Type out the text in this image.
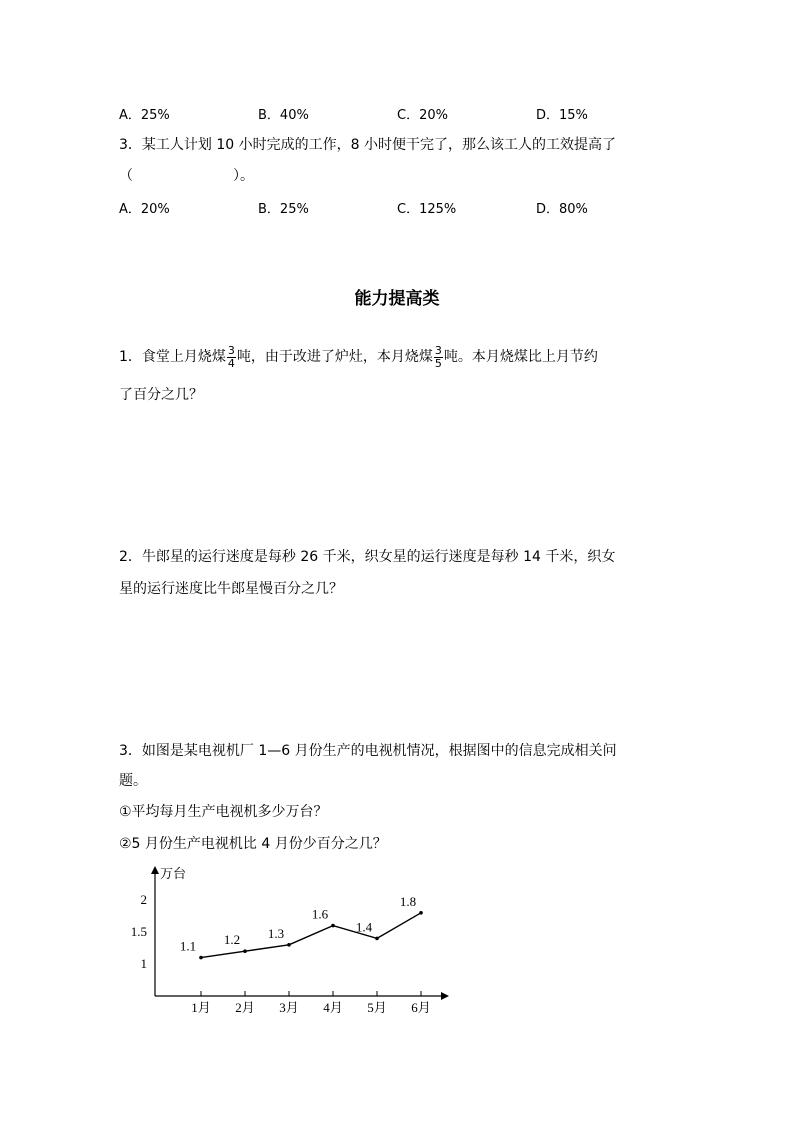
A．25%	B．40%	C．20%	D．15%
3．某工人计划 10 小时完成的工作，8 小时便干完了，那么该工人的工效提高了
（	）。
A．20%	B．25%	C．125%	D．80%
能力提高类
1．食堂上月烧煤 $\frac{3}{4}$ 吨，由于改进了炉灶，本月烧煤 $\frac{3}{5}$ 吨。本月烧煤比上月节约
了百分之几？
2．牛郎星的运行迷度是每秒 26 千米，织女星的运行迷度是每秒 14 千米，织女
星的运行迷度比牛郎星慢百分之几？
3．如图是某电视机厂 1—6 月份生产的电视机情况，根据图中的信息完成相关问
题。
①平均每月生产电视机多少万台？
②5 月份生产电视机比 4 月份少百分之几？
万台
1
1.5
2
1月 2月 3月 4月 5月 6月
1.1 1.2 1.3
1.6
1.4
1.8
